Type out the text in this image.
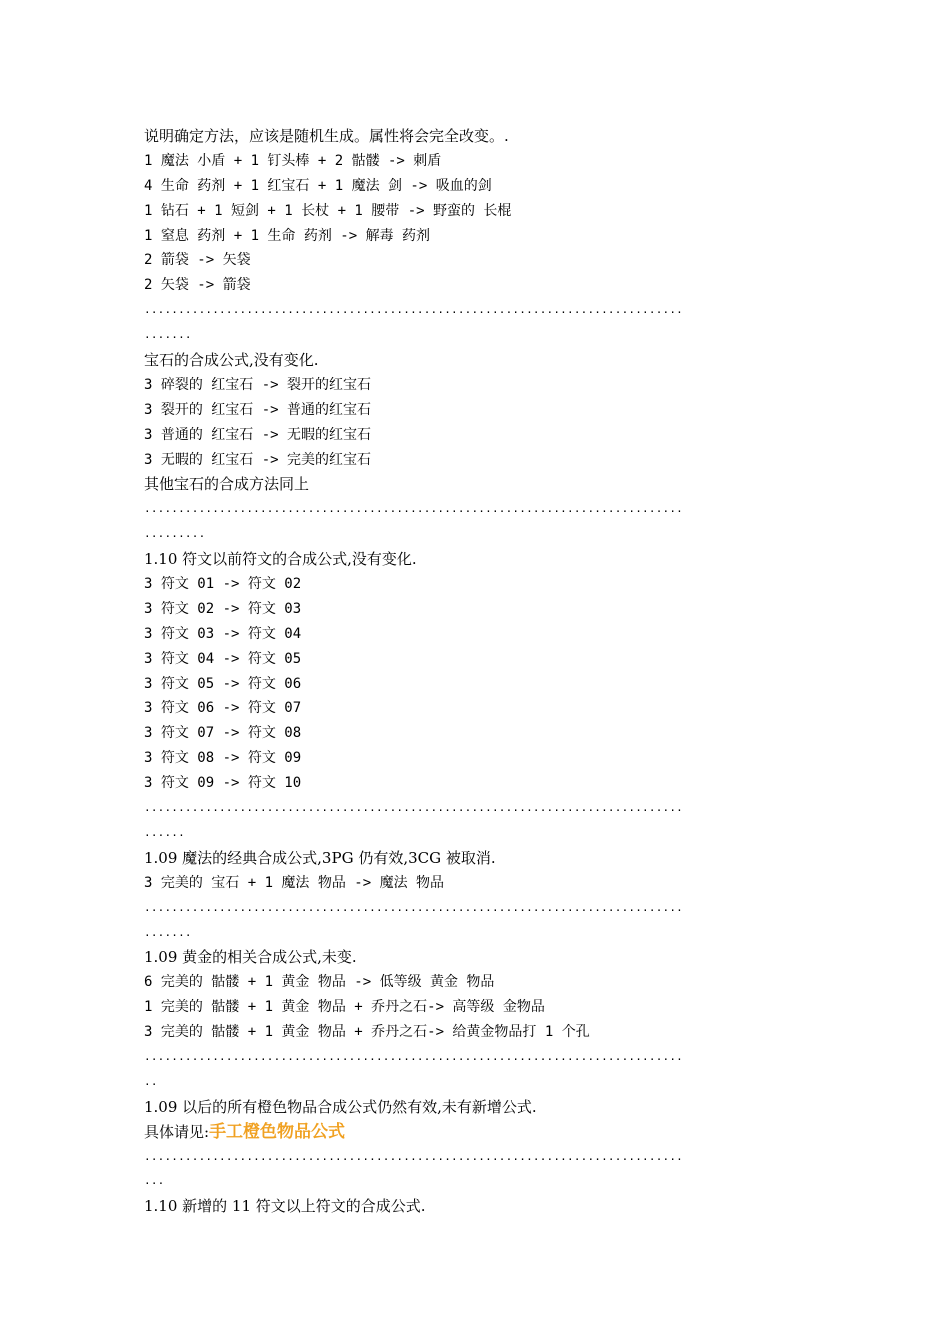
说明确定方法，应该是随机生成。属性将会完全改变。.
1 魔法 小盾 + 1 钉头棒 + 2 骷髅 -> 刺盾
4 生命 药剂 + 1 红宝石 + 1 魔法 剑 -> 吸血的剑
1 钻石 + 1 短剑 + 1 长杖 + 1 腰带 -> 野蛮的 长棍
1 窒息 药剂 + 1 生命 药剂 -> 解毒 药剂
2 箭袋 -> 矢袋
2 矢袋 -> 箭袋
...............................................................................
.......
宝石的合成公式,没有变化.
3 碎裂的 红宝石 -> 裂开的红宝石
3 裂开的 红宝石 -> 普通的红宝石
3 普通的 红宝石 -> 无暇的红宝石
3 无暇的 红宝石 -> 完美的红宝石
其他宝石的合成方法同上
...............................................................................
.........
1.10 符文以前符文的合成公式,没有变化.
3 符文 01 -> 符文 02
3 符文 02 -> 符文 03
3 符文 03 -> 符文 04
3 符文 04 -> 符文 05
3 符文 05 -> 符文 06
3 符文 06 -> 符文 07
3 符文 07 -> 符文 08
3 符文 08 -> 符文 09
3 符文 09 -> 符文 10
...............................................................................
......
1.09 魔法的经典合成公式,3PG 仍有效,3CG 被取消.
3 完美的 宝石 + 1 魔法 物品 -> 魔法 物品
...............................................................................
.......
1.09 黄金的相关合成公式,未变.
6 完美的 骷髅 + 1 黄金 物品 -> 低等级 黄金 物品
1 完美的 骷髅 + 1 黄金 物品 + 乔丹之石-> 高等级 金物品
3 完美的 骷髅 + 1 黄金 物品 + 乔丹之石-> 给黄金物品打 1 个孔
...............................................................................
..
1.09 以后的所有橙色物品合成公式仍然有效,未有新增公式.
具体请见:手工橙色物品公式
...............................................................................
...
1.10 新增的 11 符文以上符文的合成公式.
